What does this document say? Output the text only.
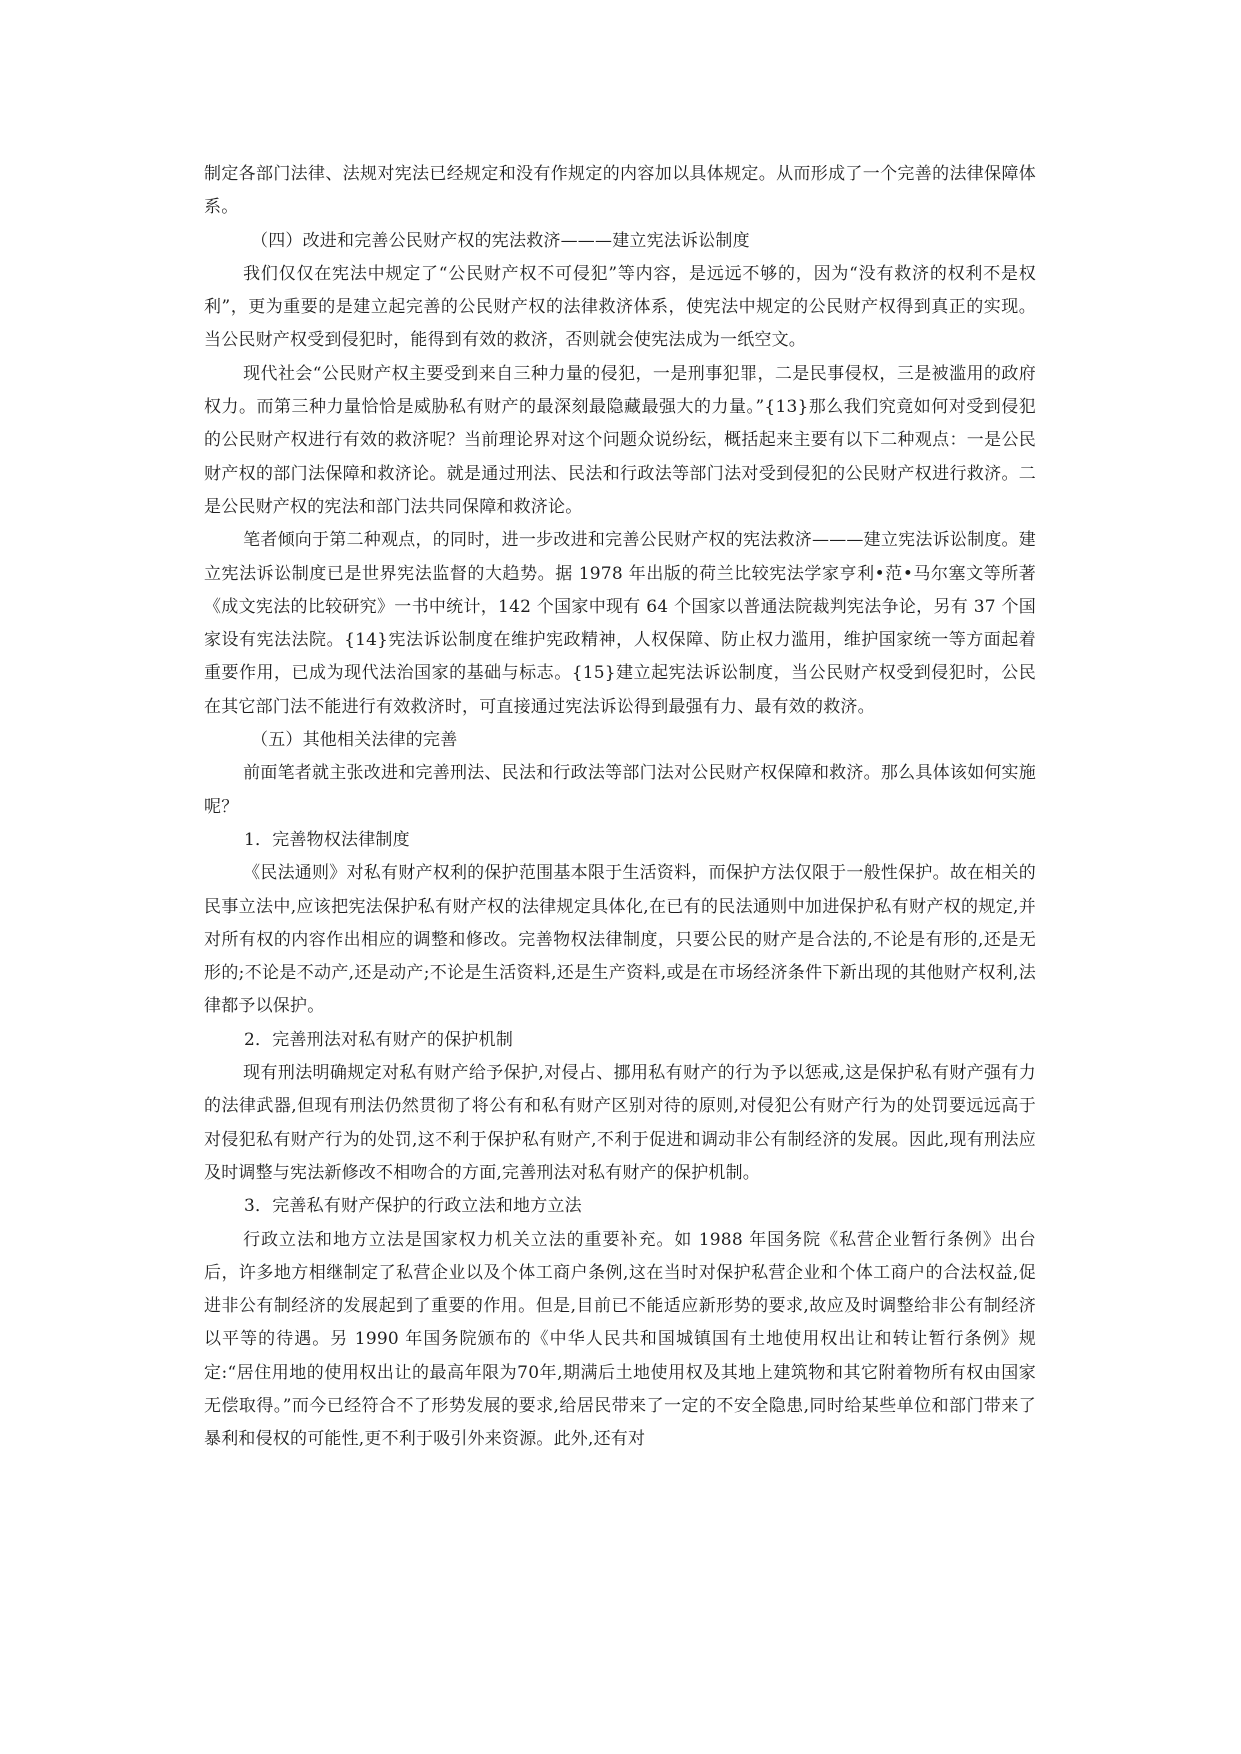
制定各部门法律、法规对宪法已经规定和没有作规定的内容加以具体规定。从而形成了一个完善的法律保障体系。

（四）改进和完善公民财产权的宪法救济———建立宪法诉讼制度

我们仅仅在宪法中规定了“公民财产权不可侵犯”等内容，是远远不够的，因为“没有救济的权利不是权利”，更为重要的是建立起完善的公民财产权的法律救济体系，使宪法中规定的公民财产权得到真正的实现。当公民财产权受到侵犯时，能得到有效的救济，否则就会使宪法成为一纸空文。

现代社会“公民财产权主要受到来自三种力量的侵犯，一是刑事犯罪，二是民事侵权，三是被滥用的政府权力。而第三种力量恰恰是威胁私有财产的最深刻最隐藏最强大的力量。”{13}那么我们究竟如何对受到侵犯的公民财产权进行有效的救济呢？当前理论界对这个问题众说纷纭，概括起来主要有以下二种观点：一是公民财产权的部门法保障和救济论。就是通过刑法、民法和行政法等部门法对受到侵犯的公民财产权进行救济。二是公民财产权的宪法和部门法共同保障和救济论。

笔者倾向于第二种观点，的同时，进一步改进和完善公民财产权的宪法救济———建立宪法诉讼制度。建立宪法诉讼制度已是世界宪法监督的大趋势。据 1978 年出版的荷兰比较宪法学家亨利•范•马尔塞文等所著《成文宪法的比较研究》一书中统计，142 个国家中现有 64 个国家以普通法院裁判宪法争论，另有 37 个国家设有宪法法院。{14}宪法诉讼制度在维护宪政精神，人权保障、防止权力滥用，维护国家统一等方面起着重要作用，已成为现代法治国家的基础与标志。{15}建立起宪法诉讼制度，当公民财产权受到侵犯时，公民在其它部门法不能进行有效救济时，可直接通过宪法诉讼得到最强有力、最有效的救济。

（五）其他相关法律的完善

前面笔者就主张改进和完善刑法、民法和行政法等部门法对公民财产权保障和救济。那么具体该如何实施呢？

1．完善物权法律制度

《民法通则》对私有财产权利的保护范围基本限于生活资料，而保护方法仅限于一般性保护。故在相关的民事立法中,应该把宪法保护私有财产权的法律规定具体化,在已有的民法通则中加进保护私有财产权的规定,并对所有权的内容作出相应的调整和修改。完善物权法律制度，只要公民的财产是合法的,不论是有形的,还是无形的;不论是不动产,还是动产;不论是生活资料,还是生产资料,或是在市场经济条件下新出现的其他财产权利,法律都予以保护。

2．完善刑法对私有财产的保护机制

现有刑法明确规定对私有财产给予保护,对侵占、挪用私有财产的行为予以惩戒,这是保护私有财产强有力的法律武器,但现有刑法仍然贯彻了将公有和私有财产区别对待的原则,对侵犯公有财产行为的处罚要远远高于对侵犯私有财产行为的处罚,这不利于保护私有财产,不利于促进和调动非公有制经济的发展。因此,现有刑法应及时调整与宪法新修改不相吻合的方面,完善刑法对私有财产的保护机制。

3．完善私有财产保护的行政立法和地方立法

行政立法和地方立法是国家权力机关立法的重要补充。如 1988 年国务院《私营企业暂行条例》出台后，许多地方相继制定了私营企业以及个体工商户条例,这在当时对保护私营企业和个体工商户的合法权益,促进非公有制经济的发展起到了重要的作用。但是,目前已不能适应新形势的要求,故应及时调整给非公有制经济以平等的待遇。另 1990 年国务院颁布的《中华人民共和国城镇国有土地使用权出让和转让暂行条例》规定:“居住用地的使用权出让的最高年限为70年,期满后土地使用权及其地上建筑物和其它附着物所有权由国家无偿取得。”而今已经符合不了形势发展的要求,给居民带来了一定的不安全隐患,同时给某些单位和部门带来了暴利和侵权的可能性,更不利于吸引外来资源。此外,还有对
